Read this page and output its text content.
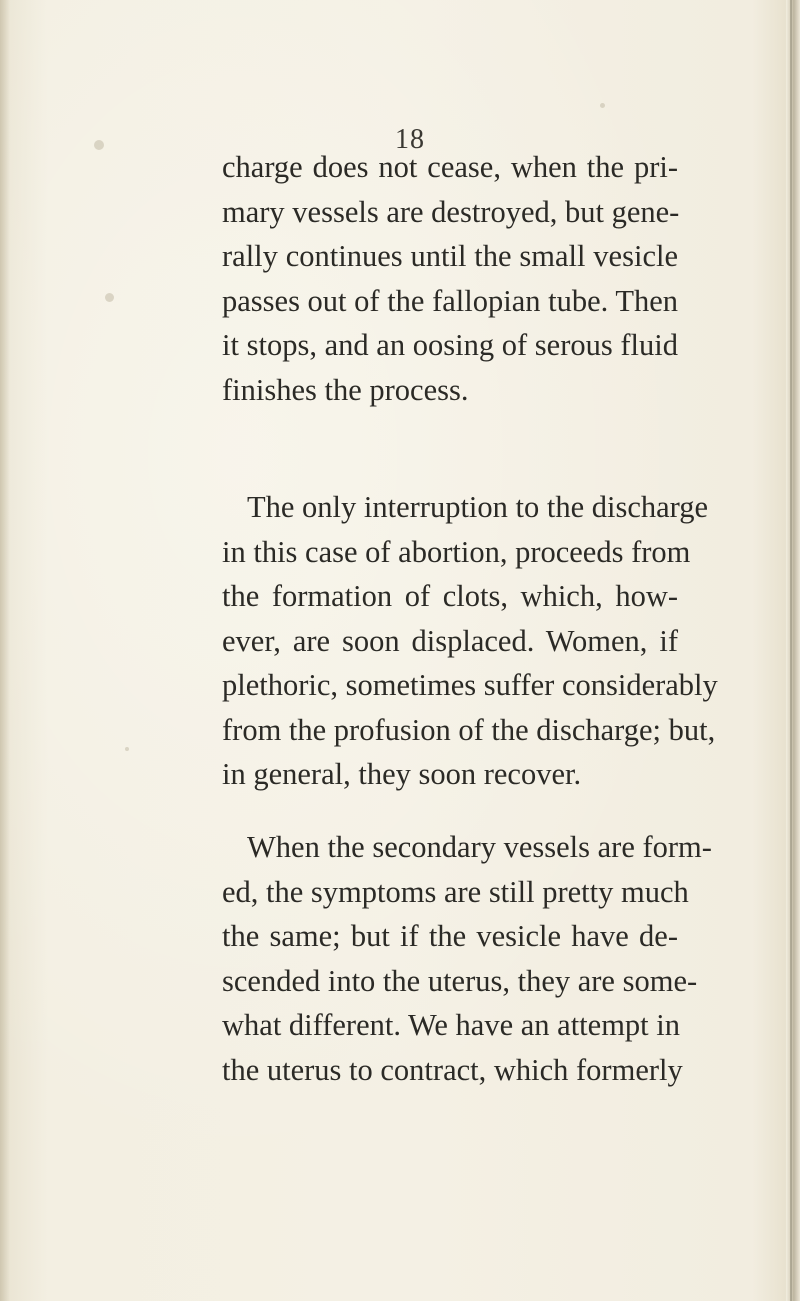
18
charge does not cease, when the pri-
mary vessels are destroyed, but gene-
rally continues until the small vesicle
passes out of the fallopian tube. Then
it stops, and an oosing of serous fluid
finishes the process.
The only interruption to the discharge
in this case of abortion, proceeds from
the formation of clots, which, how-
ever, are soon displaced. Women, if
plethoric, sometimes suffer considerably
from the profusion of the discharge; but,
in general, they soon recover.
When the secondary vessels are form-
ed, the symptoms are still pretty much
the same; but if the vesicle have de-
scended into the uterus, they are some-
what different. We have an attempt in
the uterus to contract, which formerly
